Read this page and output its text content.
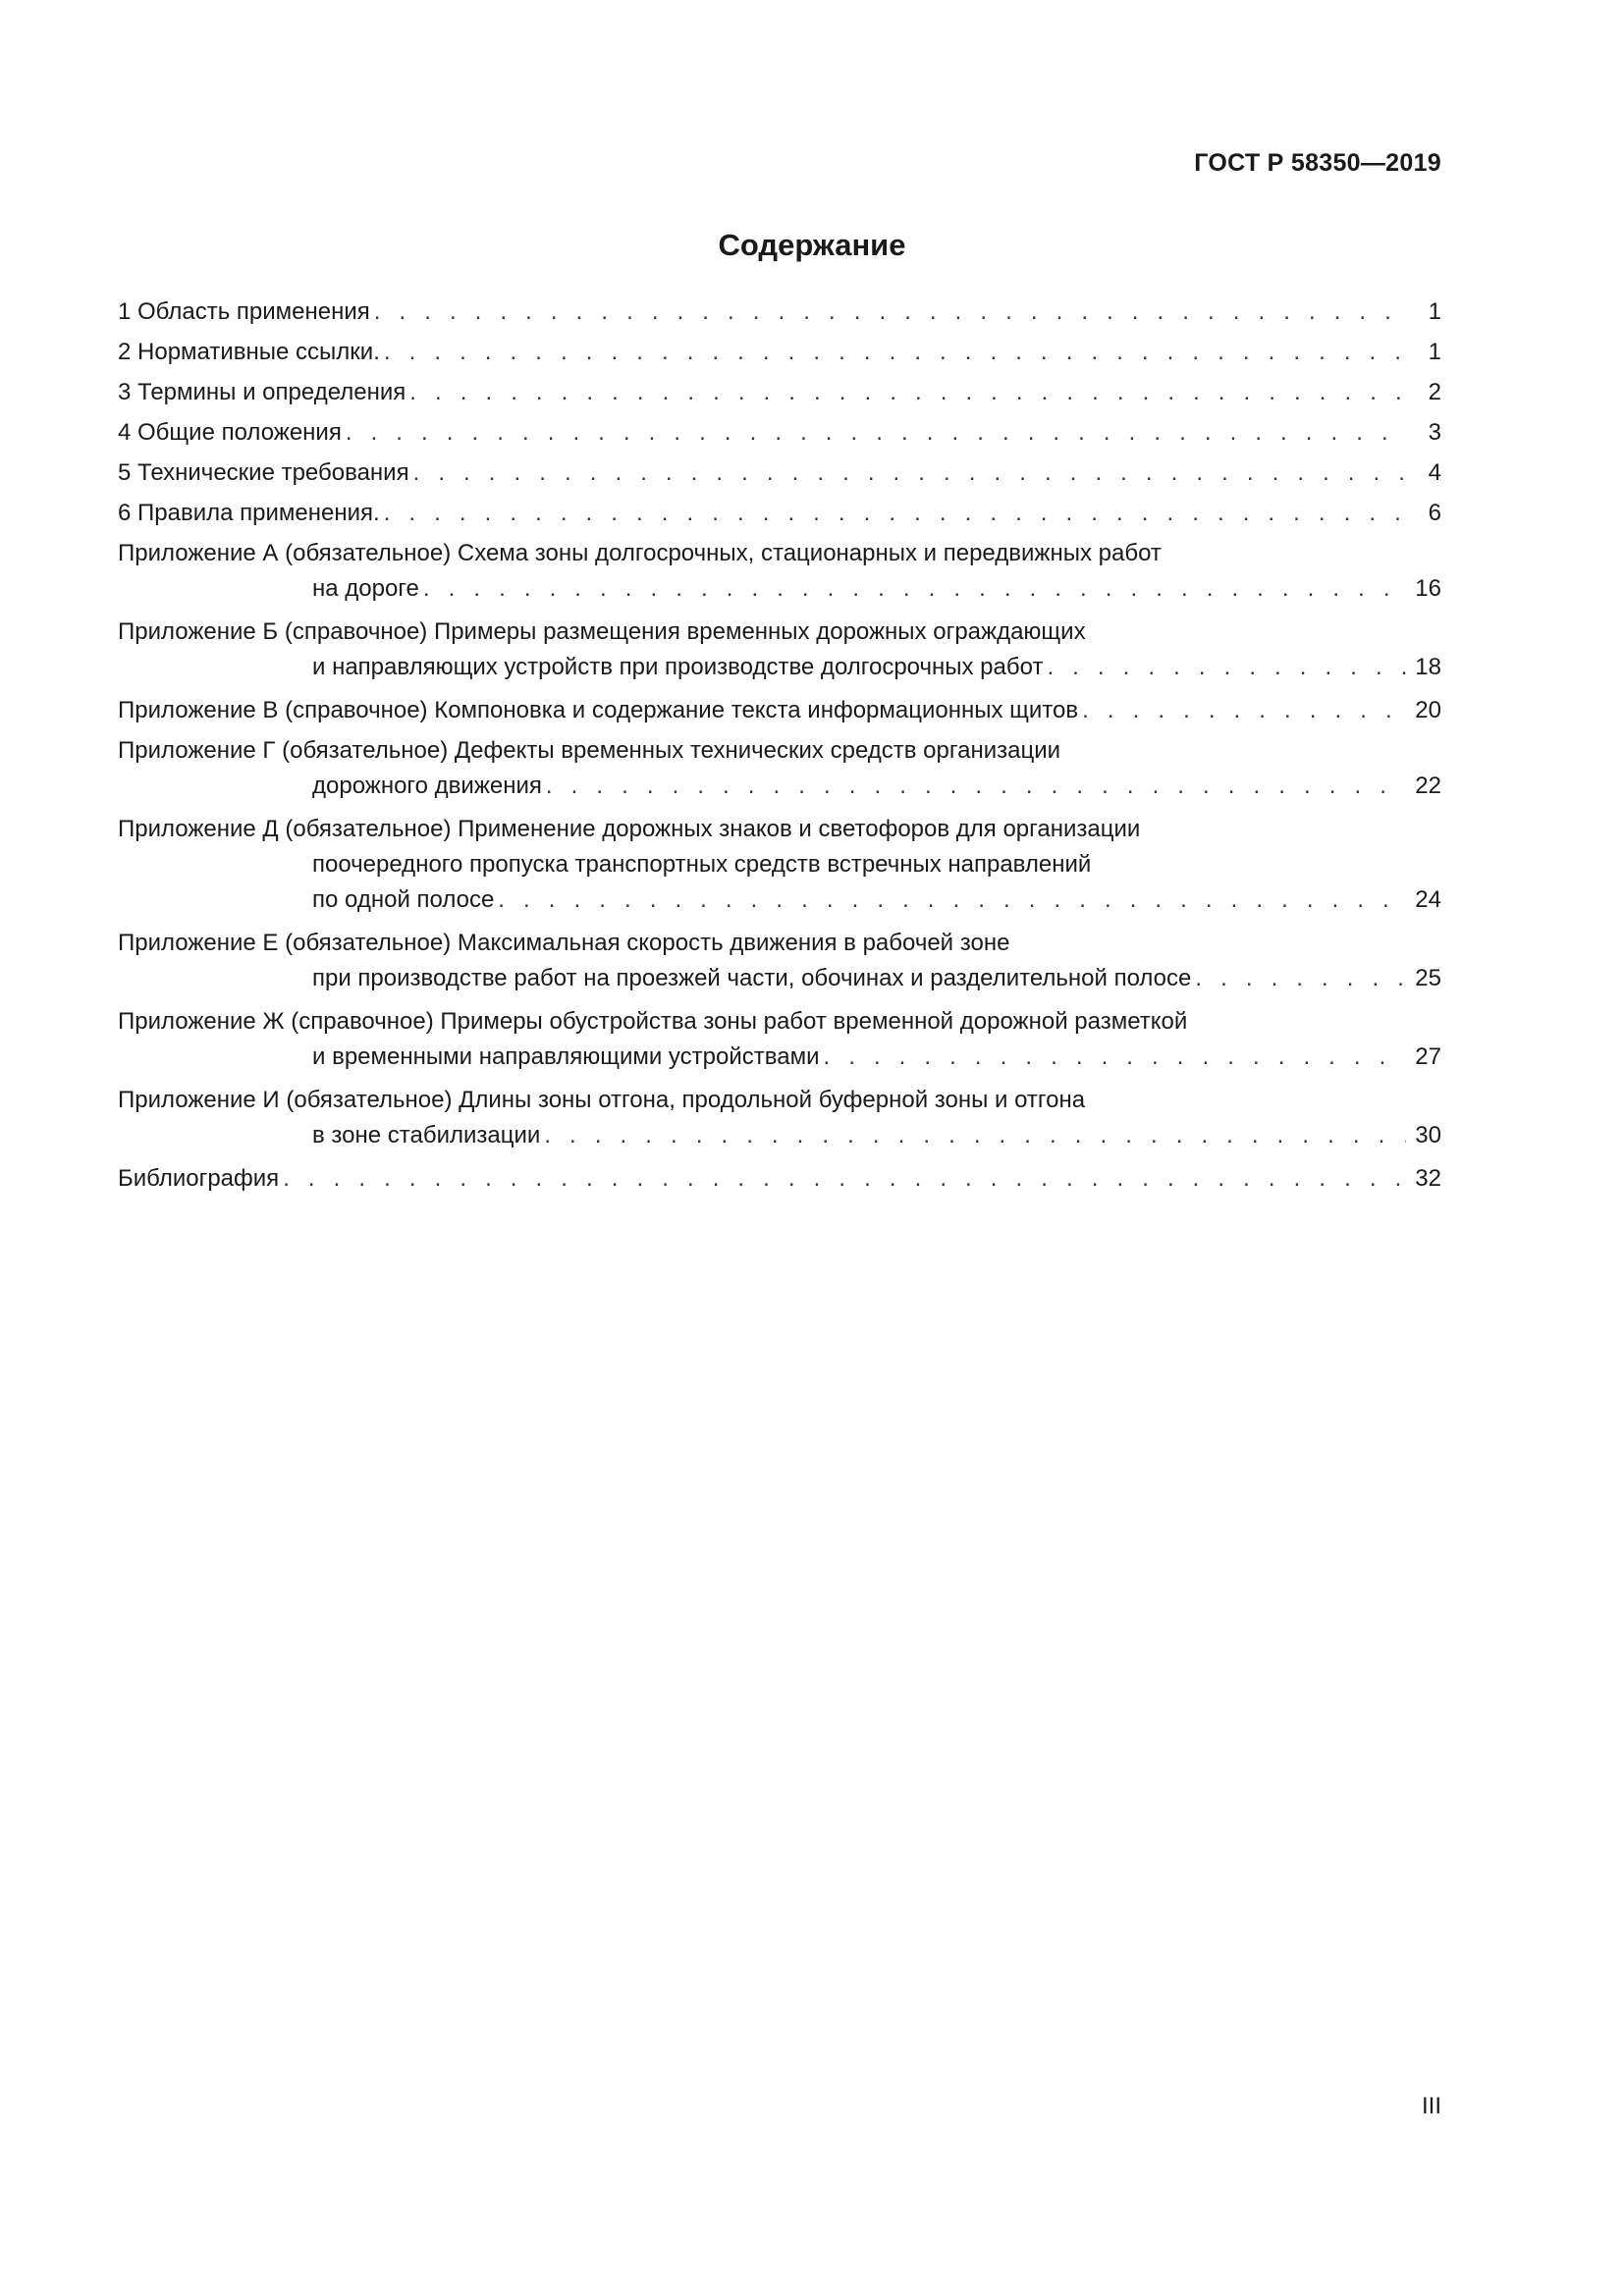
ГОСТ Р 58350—2019
Содержание
1 Область применения . . .	1
2 Нормативные ссылки. . . .	1
3 Термины и определения . . .	2
4 Общие положения . . .	3
5 Технические требования . . .	4
6 Правила применения. . . .	6
Приложение А (обязательное) Схема зоны долгосрочных, стационарных и передвижных работ
на дороге . . .	16
Приложение Б (справочное) Примеры размещения временных дорожных ограждающих
и направляющих устройств при производстве долгосрочных работ . . .	18
Приложение В (справочное) Компоновка и содержание текста информационных щитов . . .	20
Приложение Г (обязательное) Дефекты временных технических средств организации
дорожного движения . . .	22
Приложение Д (обязательное) Применение дорожных знаков и светофоров для организации
поочередного пропуска транспортных средств встречных направлений
по одной полосе . . .	24
Приложение Е (обязательное) Максимальная скорость движения в рабочей зоне
при производстве работ на проезжей части, обочинах и разделительной полосе . . .	25
Приложение Ж (справочное) Примеры обустройства зоны работ временной дорожной разметкой
и временными направляющими устройствами . . .	27
Приложение И (обязательное) Длины зоны отгона, продольной буферной зоны и отгона
в зоне стабилизации . . .	30
Библиография . . .	32
III
